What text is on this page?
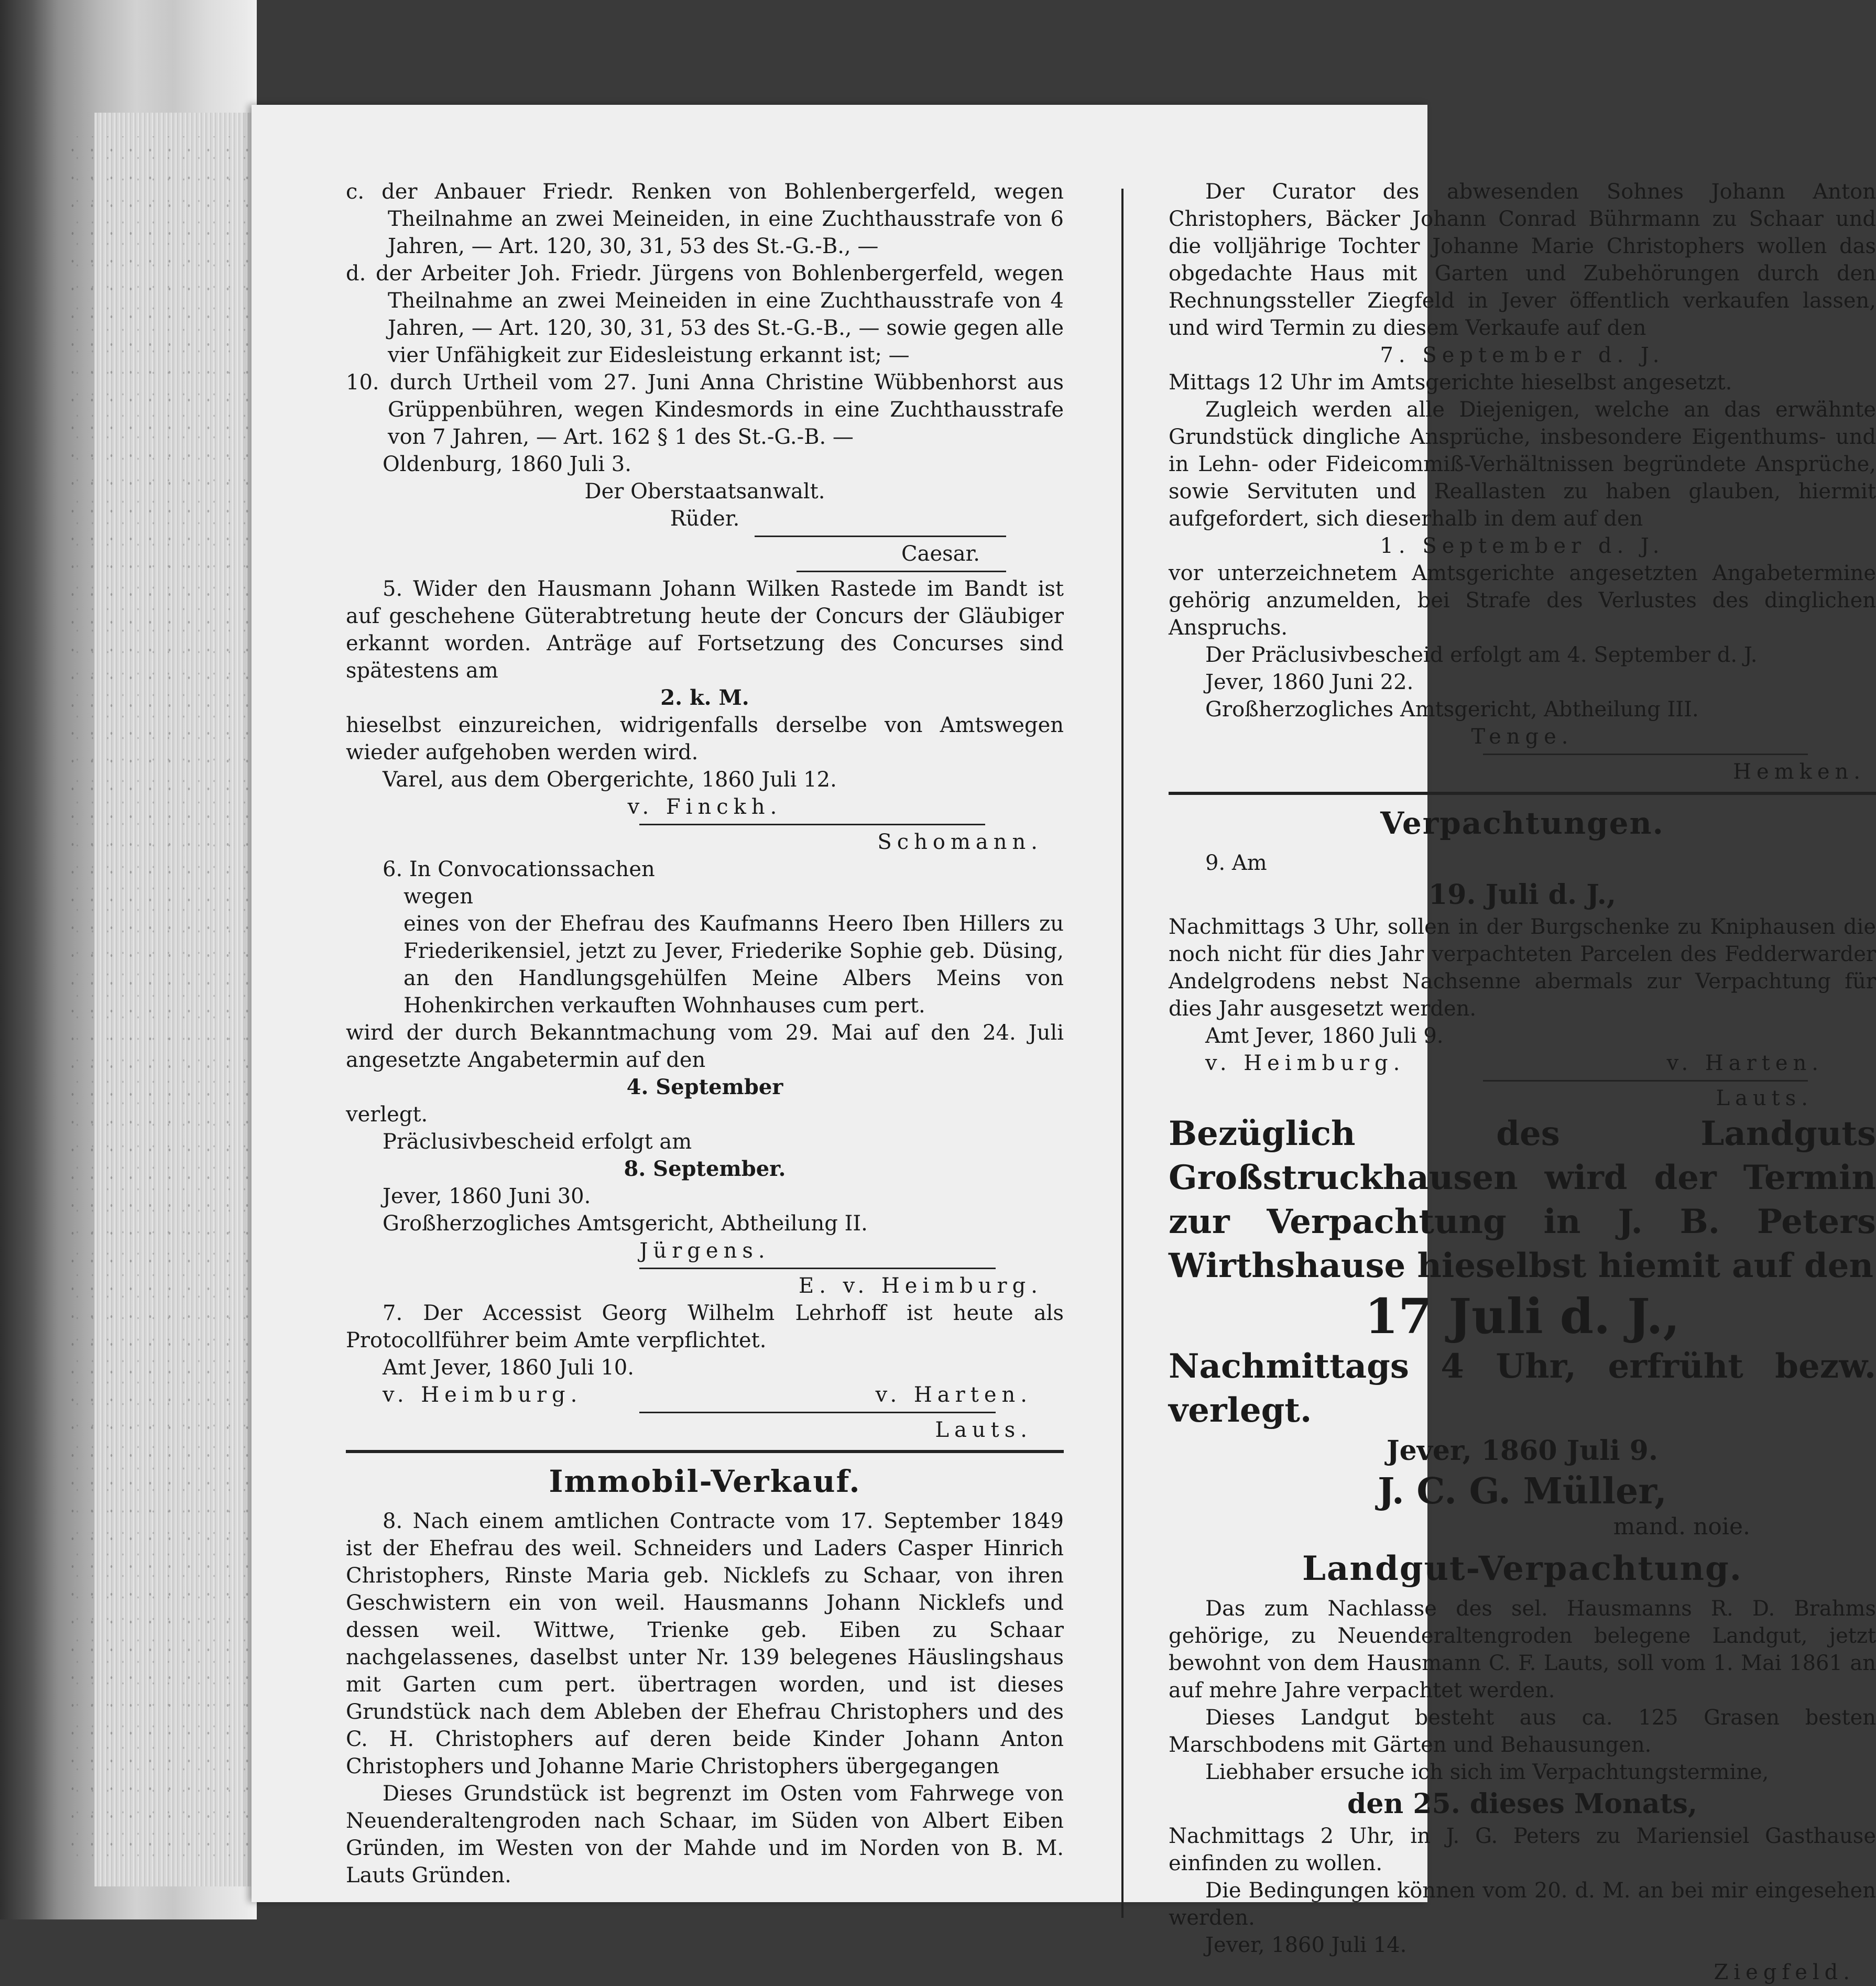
c. der Anbauer Friedr. Renken von Bohlenbergerfeld, wegen Theilnahme an zwei Meineiden, in eine Zuchthausstrafe von 6 Jahren, — Art. 120, 30, 31, 53 des St.-G.-B., —

d. der Arbeiter Joh. Friedr. Jürgens von Bohlenbergerfeld, wegen Theilnahme an zwei Meineiden in eine Zuchthausstrafe von 4 Jahren, — Art. 120, 30, 31, 53 des St.-G.-B., — sowie gegen alle vier Unfähigkeit zur Eidesleistung erkannt ist; —

10. durch Urtheil vom 27. Juni Anna Christine Wübbenhorst aus Grüppenbühren, wegen Kindesmords in eine Zuchthausstrafe von 7 Jahren, — Art. 162 § 1 des St.-G.-B. —

Oldenburg, 1860 Juli 3.

Der Oberstaatsanwalt.

Rüder.

Caesar.

5. Wider den Hausmann Johann Wilken Rastede im Bandt ist auf geschehene Güterabtretung heute der Concurs der Gläubiger erkannt worden. Anträge auf Fortsetzung des Concurses sind spätestens am

2. k. M.

hieselbst einzureichen, widrigenfalls derselbe von Amtswegen wieder aufgehoben werden wird.

Varel, aus dem Obergerichte, 1860 Juli 12.

v. Finckh.

Schomann.

6. In Convocationssachen

wegen

eines von der Ehefrau des Kaufmanns Heero Iben Hillers zu Friederikensiel, jetzt zu Jever, Friederike Sophie geb. Düsing, an den Handlungsgehülfen Meine Albers Meins von Hohenkirchen verkauften Wohnhauses cum pert.

wird der durch Bekanntmachung vom 29. Mai auf den 24. Juli angesetzte Angabetermin auf den

4. September

verlegt.

Präclusivbescheid erfolgt am

8. September.

Jever, 1860 Juni 30.

Großherzogliches Amtsgericht, Abtheilung II.

Jürgens.

E. v. Heimburg.

7. Der Accessist Georg Wilhelm Lehrhoff ist heute als Protocollführer beim Amte verpflichtet.

Amt Jever, 1860 Juli 10.

v. Heimburg.	v. Harten.

Lauts.

Immobil-Verkauf.

8. Nach einem amtlichen Contracte vom 17. September 1849 ist der Ehefrau des weil. Schneiders und Laders Casper Hinrich Christophers, Rinste Maria geb. Nicklefs zu Schaar, von ihren Geschwistern ein von weil. Hausmanns Johann Nicklefs und dessen weil. Wittwe, Trienke geb. Eiben zu Schaar nachgelassenes, daselbst unter Nr. 139 belegenes Häuslingshaus mit Garten cum pert. übertragen worden, und ist dieses Grundstück nach dem Ableben der Ehefrau Christophers und des C. H. Christophers auf deren beide Kinder Johann Anton Christophers und Johanne Marie Christophers übergegangen

Dieses Grundstück ist begrenzt im Osten vom Fahrwege von Neuenderaltengroden nach Schaar, im Süden von Albert Eiben Gründen, im Westen von der Mahde und im Norden von B. M. Lauts Gründen.

Der Curator des abwesenden Sohnes Johann Anton Christophers, Bäcker Johann Conrad Bührmann zu Schaar und die volljährige Tochter Johanne Marie Christophers wollen das obgedachte Haus mit Garten und Zubehörungen durch den Rechnungssteller Ziegfeld in Jever öffentlich verkaufen lassen, und wird Termin zu diesem Verkaufe auf den

7. September d. J.

Mittags 12 Uhr im Amtsgerichte hieselbst angesetzt.

Zugleich werden alle Diejenigen, welche an das erwähnte Grundstück dingliche Ansprüche, insbesondere Eigenthums- und in Lehn- oder Fideicommiß-Verhältnissen begründete Ansprüche, sowie Servituten und Reallasten zu haben glauben, hiermit aufgefordert, sich dieserhalb in dem auf den

1. September d. J.

vor unterzeichnetem Amtsgerichte angesetzten Angabetermine gehörig anzumelden, bei Strafe des Verlustes des dinglichen Anspruchs.

Der Präclusivbescheid erfolgt am 4. September d. J.

Jever, 1860 Juni 22.

Großherzogliches Amtsgericht, Abtheilung III.

Tenge.

Hemken.

Verpachtungen.

9. Am

19. Juli d. J.,

Nachmittags 3 Uhr, sollen in der Burgschenke zu Kniphausen die noch nicht für dies Jahr verpachteten Parcelen des Fedderwarder Andelgrodens nebst Nachsenne abermals zur Verpachtung für dies Jahr ausgesetzt werden.

Amt Jever, 1860 Juli 9.

v. Heimburg.	v. Harten.

Lauts.

Bezüglich des Landguts Großstruckhausen wird der Termin zur Verpachtung in J. B. Peters Wirthshause hieselbst hiemit auf den

17 Juli d. J.,

Nachmittags 4 Uhr, erfrüht bezw. verlegt.

Jever, 1860 Juli 9.

J. C. G. Müller,

mand. noie.

Landgut-Verpachtung.

Das zum Nachlasse des sel. Hausmanns R. D. Brahms gehörige, zu Neuenderaltengroden belegene Landgut, jetzt bewohnt von dem Hausmann C. F. Lauts, soll vom 1. Mai 1861 an auf mehre Jahre verpachtet werden.

Dieses Landgut besteht aus ca. 125 Grasen besten Marschbodens mit Gärten und Behausungen.

Liebhaber ersuche ich sich im Verpachtungstermine,

den 25. dieses Monats,

Nachmittags 2 Uhr, in J. G. Peters zu Mariensiel Gasthause einfinden zu wollen.

Die Bedingungen können vom 20. d. M. an bei mir eingesehen werden.

Jever, 1860 Juli 14.

Ziegfeld.
